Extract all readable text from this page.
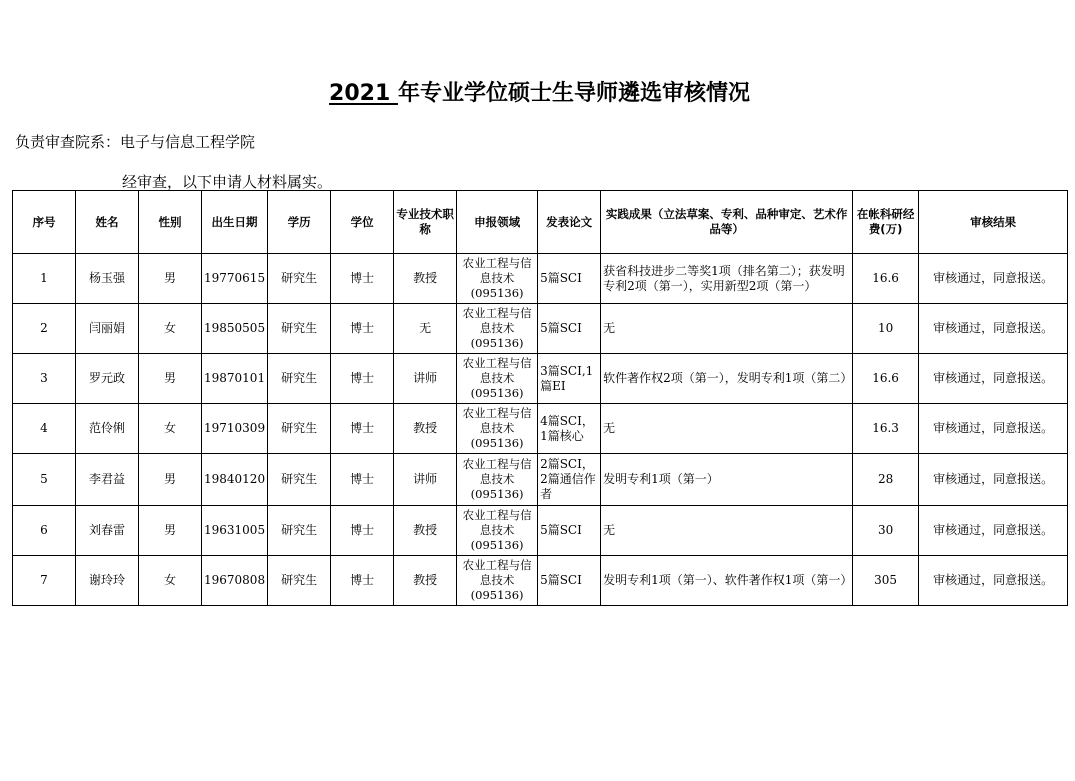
2021 年专业学位硕士生导师遴选审核情况
负责审查院系：电子与信息工程学院
经审查，以下申请人材料属实。
序号	姓名	性别	出生日期	学历	学位	专业技术职称	申报领域	发表论文	实践成果（立法草案、专利、品种审定、艺术作品等）	在帐科研经费(万)	审核结果
1	杨玉强	男	19770615	研究生	博士	教授	农业工程与信息技术(095136)	5篇SCI	获省科技进步二等奖1项（排名第二）；获发明专利2项（第一），实用新型2项（第一）	16.6	审核通过，同意报送。
2	闫丽娟	女	19850505	研究生	博士	无	农业工程与信息技术(095136)	5篇SCI	无	10	审核通过，同意报送。
3	罗元政	男	19870101	研究生	博士	讲师	农业工程与信息技术(095136)	3篇SCI,1篇EI	软件著作权2项（第一），发明专利1项（第二）	16.6	审核通过，同意报送。
4	范伶俐	女	19710309	研究生	博士	教授	农业工程与信息技术(095136)	4篇SCI，1篇核心	无	16.3	审核通过，同意报送。
5	李君益	男	19840120	研究生	博士	讲师	农业工程与信息技术(095136)	2篇SCI，2篇通信作者	发明专利1项（第一）	28	审核通过，同意报送。
6	刘春雷	男	19631005	研究生	博士	教授	农业工程与信息技术(095136)	5篇SCI	无	30	审核通过，同意报送。
7	谢玲玲	女	19670808	研究生	博士	教授	农业工程与信息技术(095136)	5篇SCI	发明专利1项（第一）、软件著作权1项（第一）	305	审核通过，同意报送。
